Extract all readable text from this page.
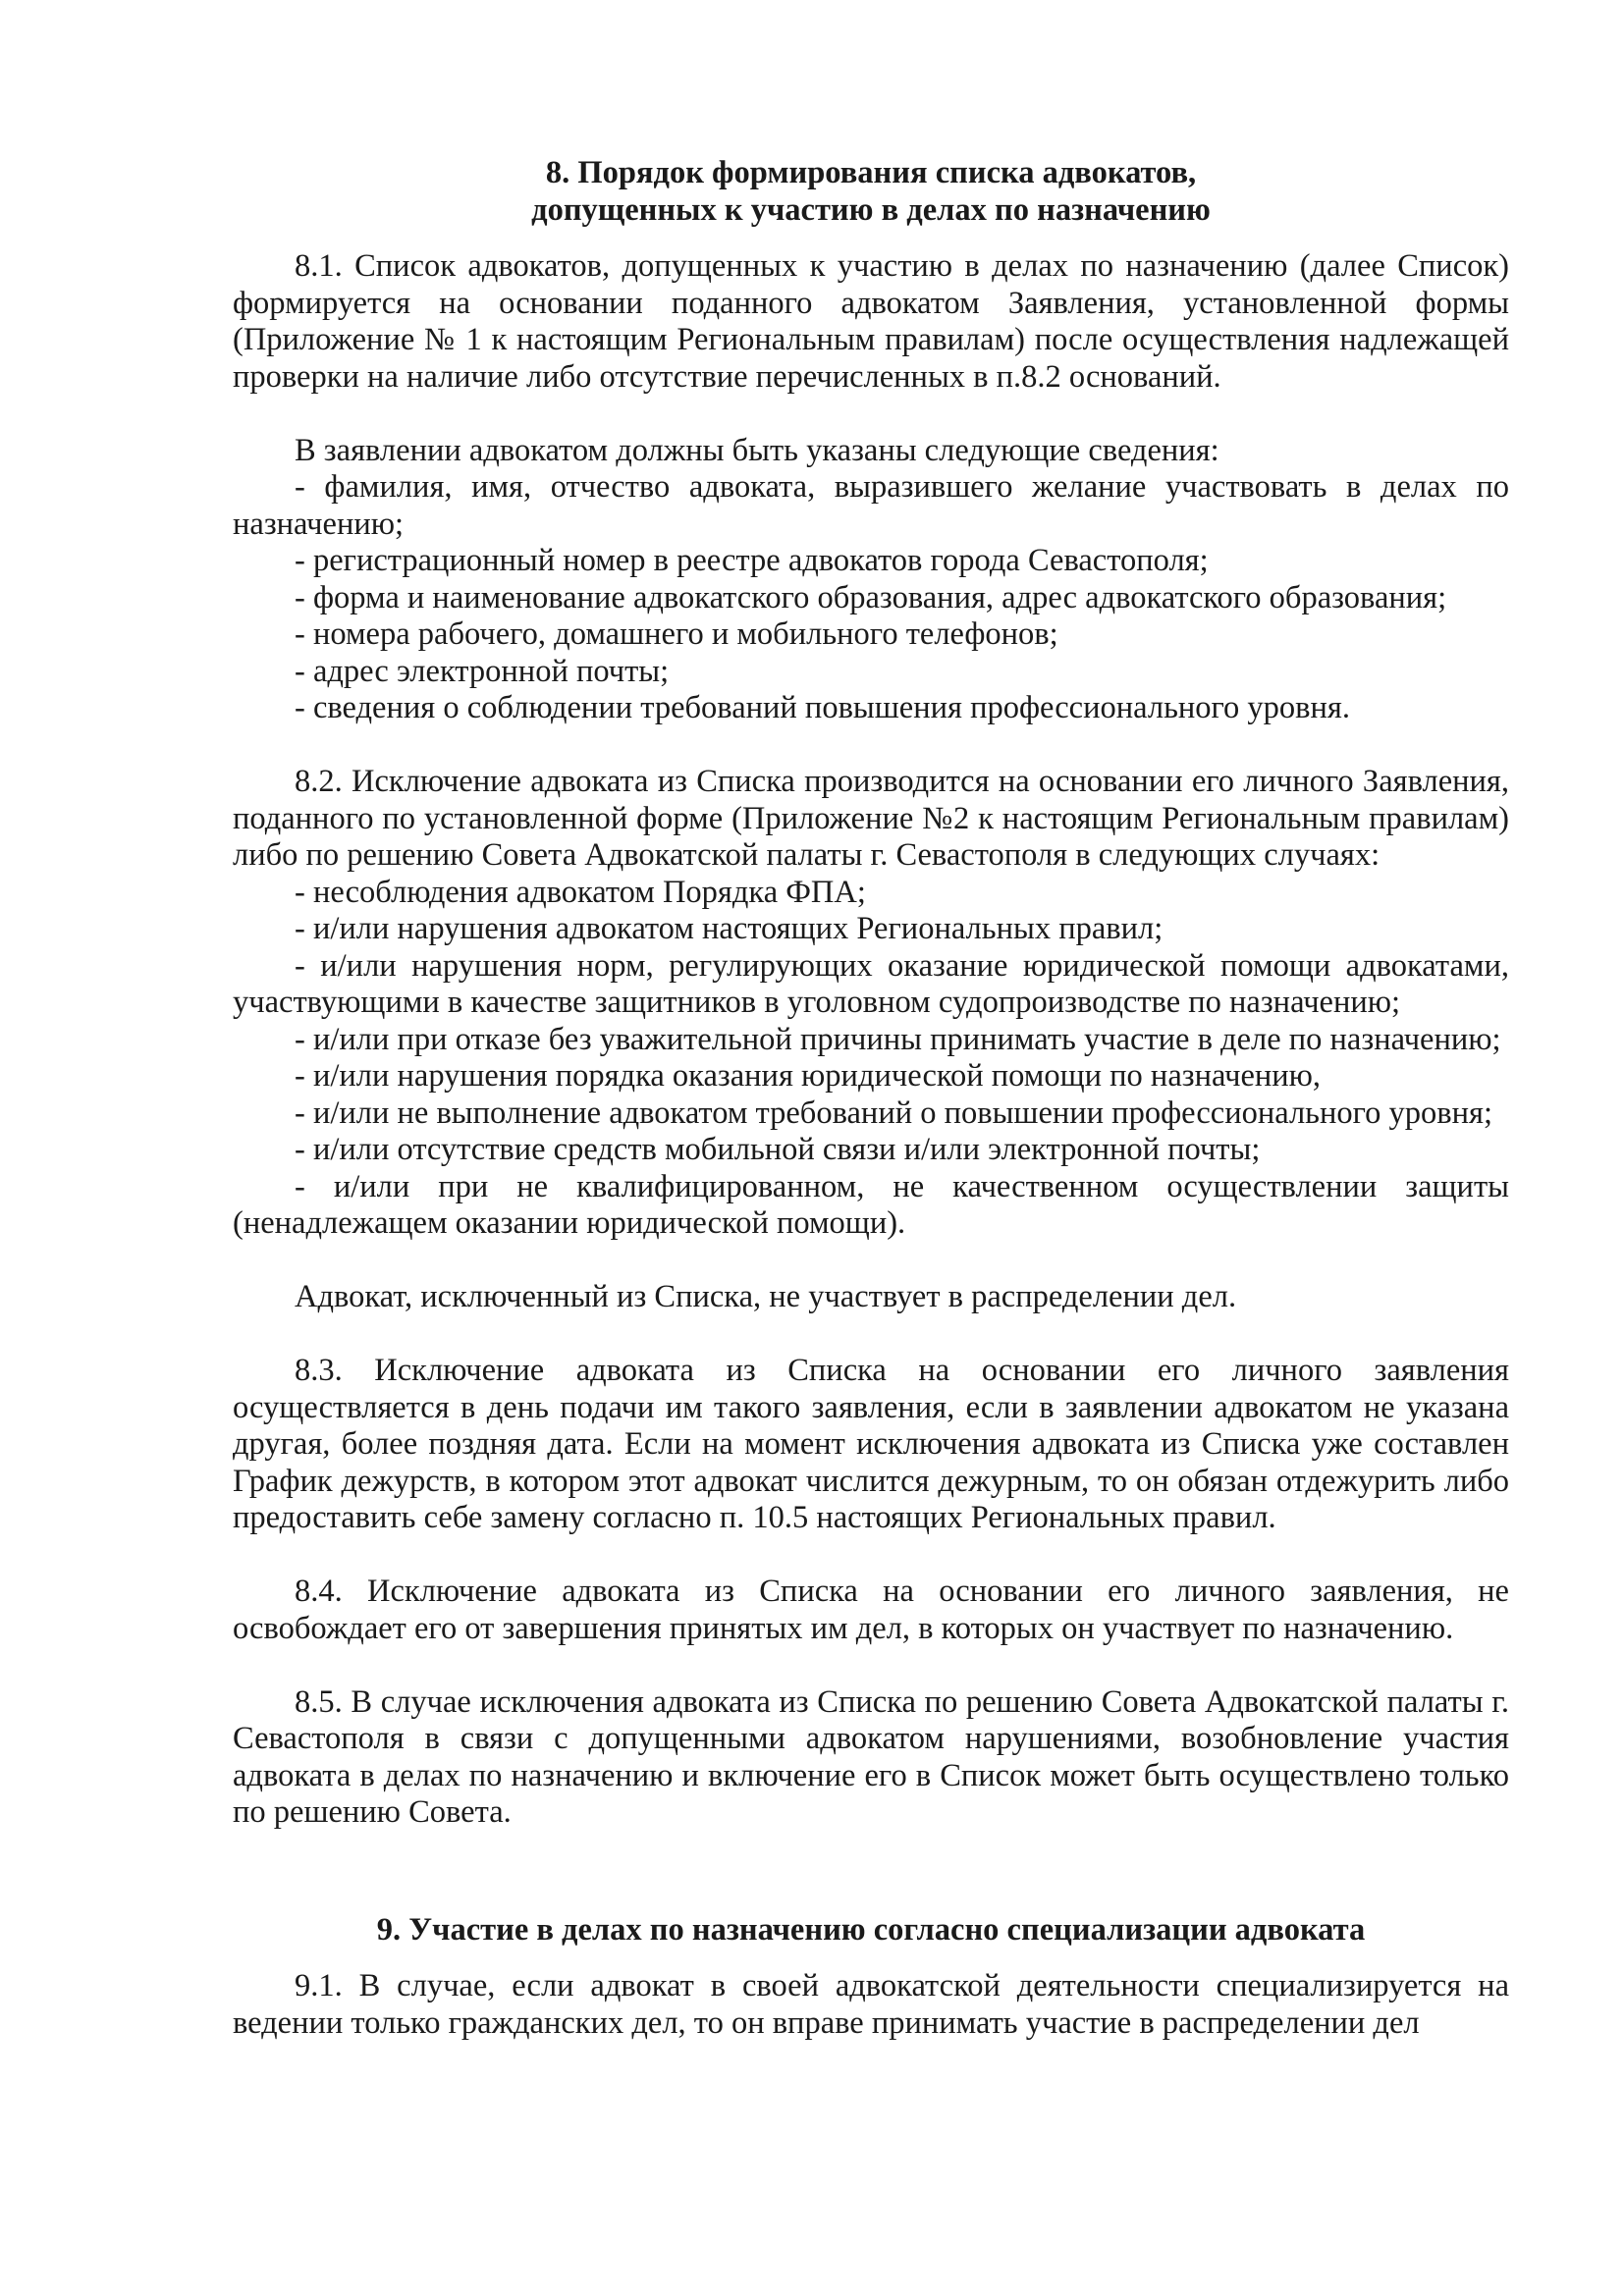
8. Порядок формирования списка адвокатов,

допущенных к участию в делах по назначению

8.1. Список адвокатов, допущенных к участию в делах по назначению (далее Список) формируется на основании поданного адвокатом Заявления, установленной формы (Приложение № 1 к настоящим Региональным правилам) после осуществления надлежащей проверки на наличие либо отсутствие перечисленных в п.8.2 оснований.

В заявлении адвокатом должны быть указаны следующие сведения:

- фамилия, имя, отчество адвоката, выразившего желание участвовать в делах по назначению;

- регистрационный номер в реестре адвокатов города Севастополя;

- форма и наименование адвокатского образования, адрес адвокатского образования;

- номера рабочего, домашнего и мобильного телефонов;

- адрес электронной почты;

- сведения о соблюдении требований повышения профессионального уровня.

8.2. Исключение адвоката из Списка производится на основании его личного Заявления, поданного по установленной форме (Приложение №2 к настоящим Региональным правилам) либо по решению Совета Адвокатской палаты г. Севастополя в следующих случаях:

- несоблюдения адвокатом Порядка ФПА;

- и/или нарушения адвокатом настоящих Региональных правил;

- и/или нарушения норм, регулирующих оказание юридической помощи адвокатами, участвующими в качестве защитников в уголовном судопроизводстве по назначению;

- и/или при отказе без уважительной причины принимать участие в деле по назначению;

- и/или нарушения порядка оказания юридической помощи по назначению,

- и/или не выполнение адвокатом требований о повышении профессионального уровня;

- и/или отсутствие средств мобильной связи и/или электронной почты;

- и/или при не квалифицированном, не качественном осуществлении защиты (ненадлежащем оказании юридической помощи).

Адвокат, исключенный из Списка, не участвует в распределении дел.

8.3. Исключение адвоката из Списка на основании его личного заявления осуществляется в день подачи им такого заявления, если в заявлении адвокатом не указана другая, более поздняя дата. Если на момент исключения адвоката из Списка уже составлен График дежурств, в котором этот адвокат числится дежурным, то он обязан отдежурить либо предоставить себе замену согласно п. 10.5 настоящих Региональных правил.

8.4. Исключение адвоката из Списка на основании его личного заявления, не освобождает его от завершения принятых им дел, в которых он участвует по назначению.

8.5. В случае исключения адвоката из Списка по решению Совета Адвокатской палаты г. Севастополя в связи с допущенными адвокатом нарушениями, возобновление участия адвоката в делах по назначению и включение его в Список может быть осуществлено только по решению Совета.

9. Участие в делах по назначению согласно специализации адвоката

9.1. В случае, если адвокат в своей адвокатской деятельности специализируется на ведении только гражданских дел, то он вправе принимать участие в распределении дел
